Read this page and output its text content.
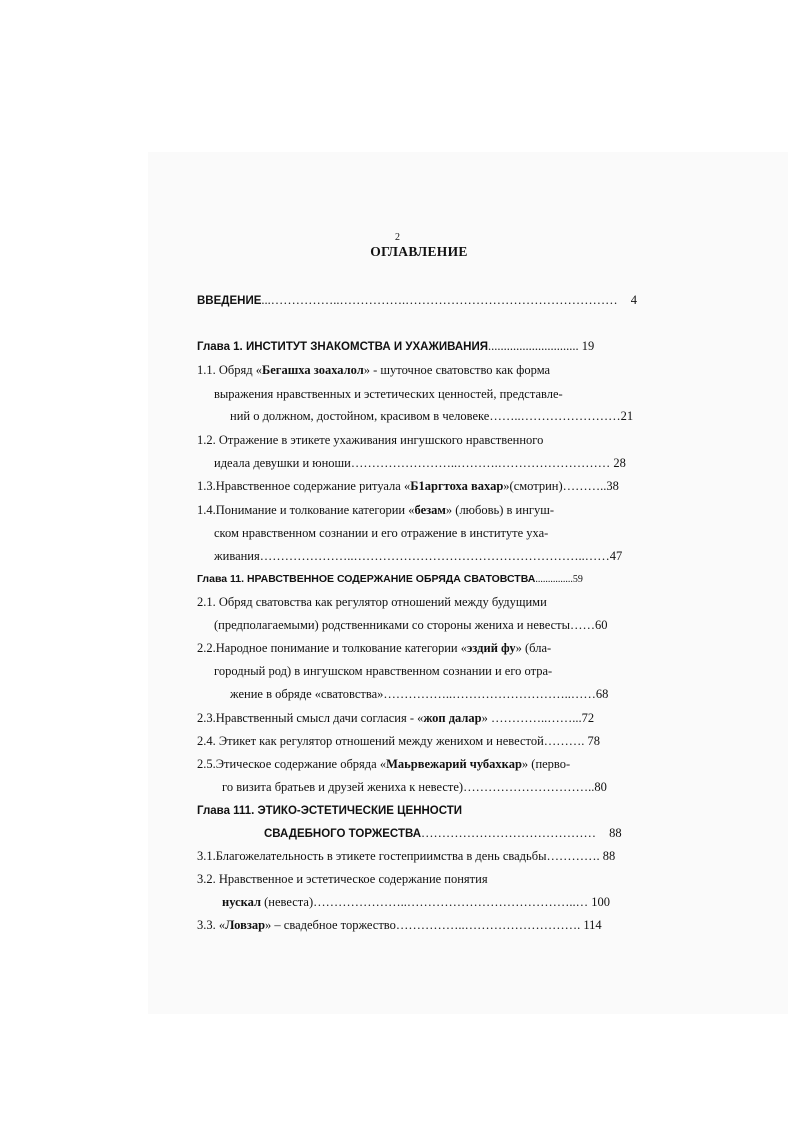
2
ОГЛАВЛЕНИЕ
ВВЕДЕНИЕ...……………..…………….…………………………………………… 4
Глава 1. ИНСТИТУТ ЗНАКОМСТВА И УХАЖИВАНИЯ............................. 19
1.1. Обряд «Бегашха зоахалол» - шуточное сватовство как форма
выражения нравственных и эстетических ценностей, представле-
ний о должном, достойном, красивом в человеке……..……………………21
1.2. Отражение в этикете ухаживания ингушского нравственного
идеала девушки и юноши……………………..……….……………………… 28
1.3.Нравственное содержание ритуала «Б1аргтоха вахар»(смотрин)………..38
1.4.Понимание и толкование категории «безам» (любовь) в ингуш-
ском нравственном сознании и его отражение в институте уха-
живания…………………..………………………………………………..……47
Глава 11. НРАВСТВЕННОЕ СОДЕРЖАНИЕ ОБРЯДА СВАТОВСТВА...............59
2.1. Обряд сватовства как регулятор отношений между будущими
(предполагаемыми) родственниками со стороны жениха и невесты……60
2.2.Народное понимание и толкование категории «эздий фу» (бла-
городный род) в ингушском нравственном сознании и его отра-
жение в обряде «сватовства»……………..………………………..……68
2.3.Нравственный смысл дачи согласия - «жоп далар» …………..……...72
2.4. Этикет как регулятор отношений между женихом и невестой………. 78
2.5.Этическое содержание обряда «Маьрвежарий чубахкар» (перво-
го визита братьев и друзей жениха к невесте)…………………………..80
Глава 111. ЭТИКО-ЭСТЕТИЧЕСКИЕ ЦЕННОСТИ
СВАДЕБНОГО ТОРЖЕСТВА…………………………………… 88
3.1.Благожелательность в этикете гостеприимства в день свадьбы…………. 88
3.2. Нравственное и эстетическое содержание понятия
нускал (невеста)…………………..…………………………………..… 100
3.3. «Ловзар» – свадебное торжество……………..………………………. 114
